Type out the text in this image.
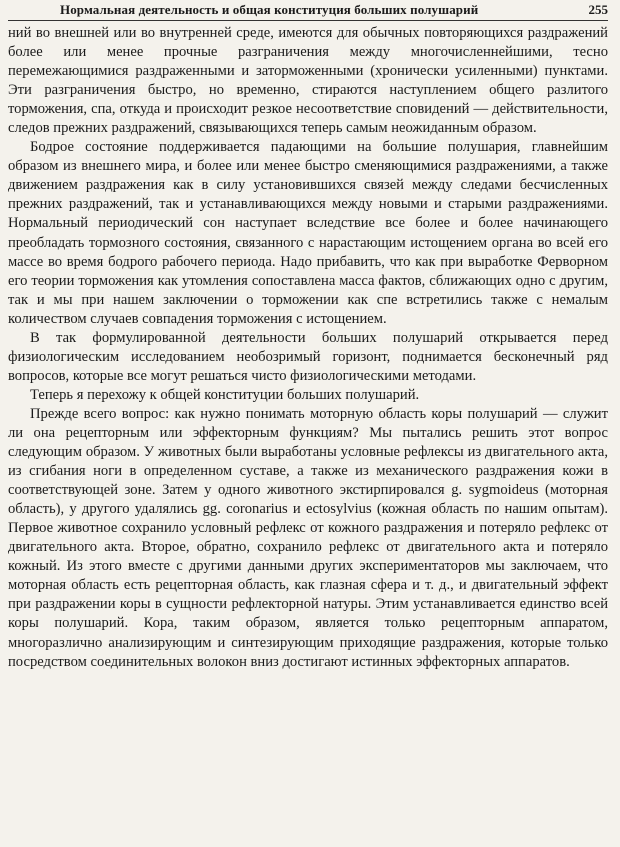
Нормальная деятельность и общая конституция больших полушарий	255

ний во внешней или во внутренней среде, имеются для обычных повторяющихся раздражений более или менее прочные разграничения между многочисленнейшими, тесно перемежающимися раздраженными и заторможенными (хронически усиленными) пунктами. Эти разграничения быстро, но временно, стираются наступлением общего разлитого торможения, спа, откуда и происходит резкое несоответствие сповидений — действительности, следов прежних раздражений, связывающихся теперь самым неожиданным образом.

Бодрое состояние поддерживается падающими на большие полушария, главнейшим образом из внешнего мира, и более или менее быстро сменяющимися раздражениями, а также движением раздражения как в силу установившихся связей между следами бесчисленных прежних раздражений, так и устанавливающихся между новыми и старыми раздражениями. Нормальный периодический сон наступает вследствие все более и более начинающего преобладать тормозного состояния, связанного с нарастающим истощением органа во всей его массе во время бодрого рабочего периода. Надо прибавить, что как при выработке Ферворном его теории торможения как утомления сопоставлена масса фактов, сближающих одно с другим, так и мы при нашем заключении о торможении как спе встретились также с немалым количеством случаев совпадения торможения с истощением.

В так формулированной деятельности больших полушарий открывается перед физиологическим исследованием необозримый горизонт, поднимается бесконечный ряд вопросов, которые все могут решаться чисто физиологическими методами.

Теперь я перехожу к общей конституции больших полушарий.

Прежде всего вопрос: как нужно понимать моторную область коры полушарий — служит ли она рецепторным или эффекторным функциям? Мы пытались решить этот вопрос следующим образом. У животных были выработаны условные рефлексы из двигательного акта, из сгибания ноги в определенном суставе, а также из механического раздражения кожи в соответствующей зоне. Затем у одного животного экстирпировался g. sygmoideus (моторная область), у другого удалялись gg. coronarius и ectosylvius (кожная область по нашим опытам). Первое животное сохранило условный рефлекс от кожного раздражения и потеряло рефлекс от двигательного акта. Второе, обратно, сохранило рефлекс от двигательного акта и потеряло кожный. Из этого вместе с другими данными других экспериментаторов мы заключаем, что моторная область есть рецепторная область, как глазная сфера и т. д., и двигательный эффект при раздражении коры в сущности рефлекторной натуры. Этим устанавливается единство всей коры полушарий. Кора, таким образом, является только рецепторным аппаратом, многоразлично анализирующим и синтезирующим приходящие раздражения, которые только посредством соединительных волокон вниз достигают истинных эффекторных аппаратов.
